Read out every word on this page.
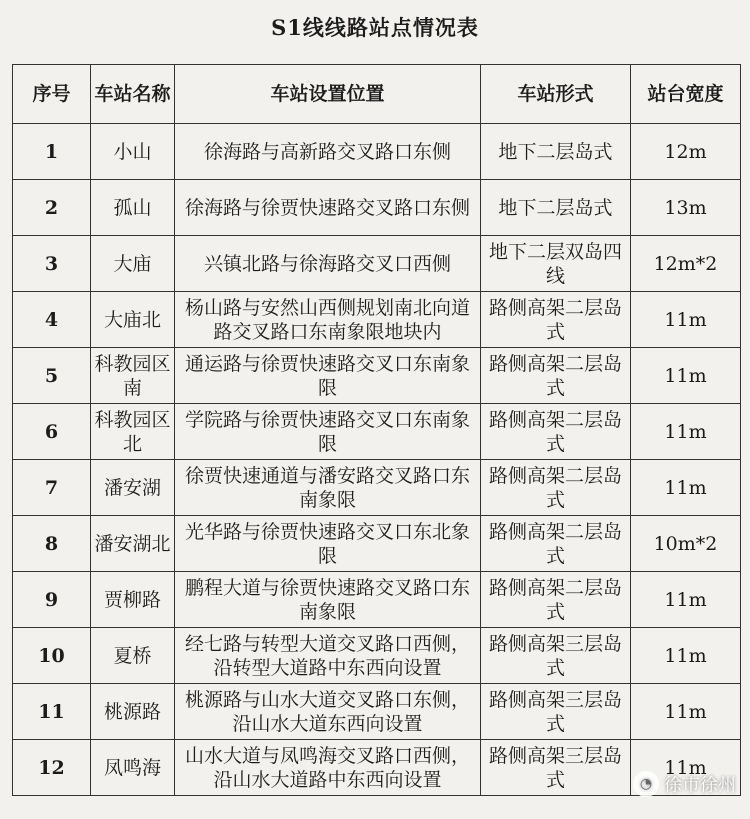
S1线线路站点情况表
序号	车站名称	车站设置位置	车站形式	站台宽度
1	小山	徐海路与高新路交叉路口东侧	地下二层岛式	12m
2	孤山	徐海路与徐贾快速路交叉路口东侧	地下二层岛式	13m
3	大庙	兴镇北路与徐海路交叉口西侧	地下二层双岛四线	12m*2
4	大庙北	杨山路与安然山西侧规划南北向道路交叉路口东南象限地块内	路侧高架二层岛式	11m
5	科教园区南	通运路与徐贾快速路交叉口东南象限	路侧高架二层岛式	11m
6	科教园区北	学院路与徐贾快速路交叉口东南象限	路侧高架二层岛式	11m
7	潘安湖	徐贾快速通道与潘安路交叉路口东南象限	路侧高架二层岛式	11m
8	潘安湖北	光华路与徐贾快速路交叉口东北象限	路侧高架二层岛式	10m*2
9	贾柳路	鹏程大道与徐贾快速路交叉路口东南象限	路侧高架二层岛式	11m
10	夏桥	经七路与转型大道交叉路口西侧，沿转型大道路中东西向设置	路侧高架三层岛式	11m
11	桃源路	桃源路与山水大道交叉路口东侧，沿山水大道东西向设置	路侧高架三层岛式	11m
12	凤鸣海	山水大道与凤鸣海交叉路口西侧，沿山水大道路中东西向设置	路侧高架三层岛式	11m
◔ 徐市徐州
